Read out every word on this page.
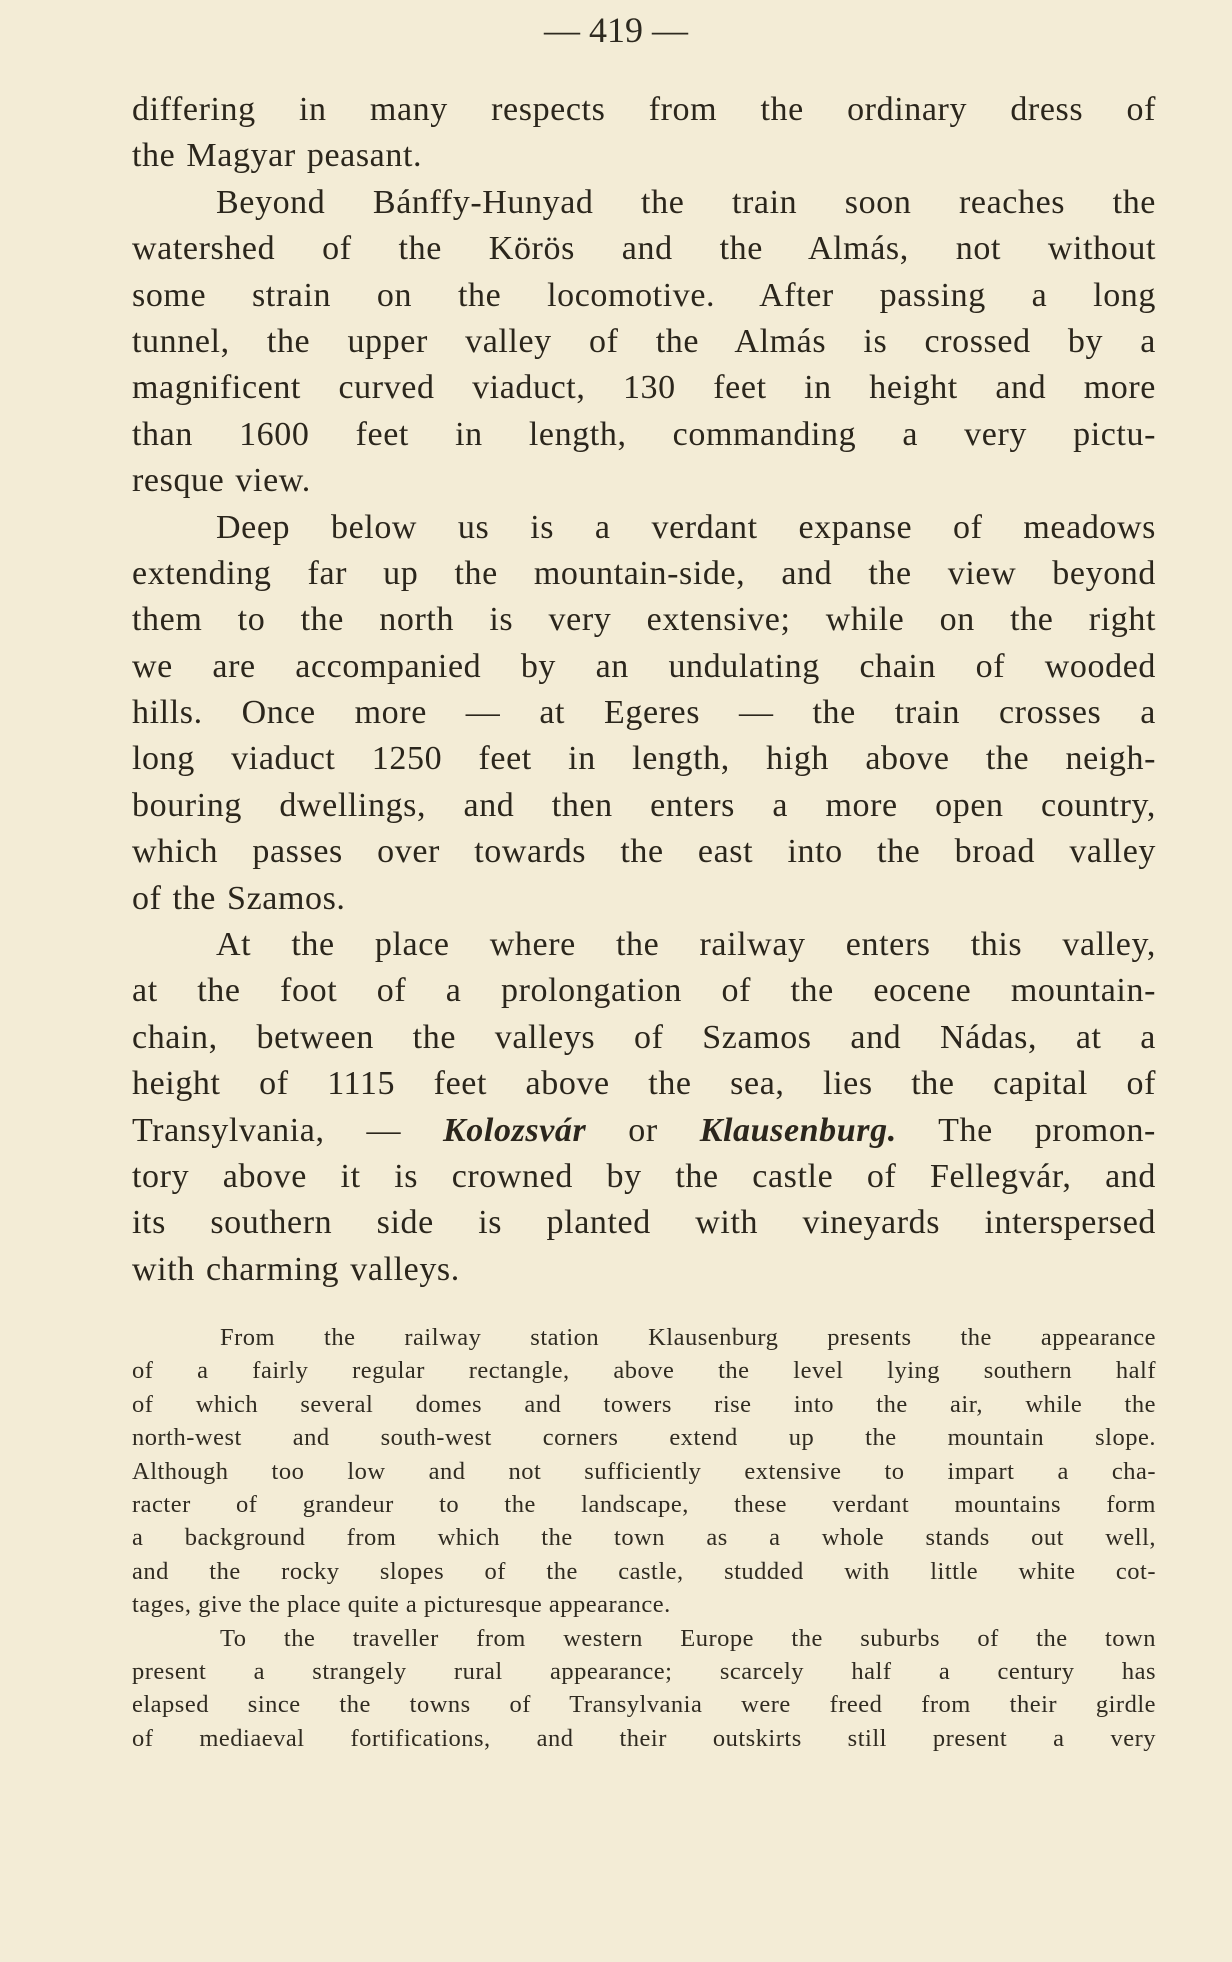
— 419 —
differing in many respects from the ordinary dress of
the Magyar peasant.
Beyond Bánffy-Hunyad the train soon reaches the
watershed of the Körös and the Almás, not without
some strain on the locomotive. After passing a long
tunnel, the upper valley of the Almás is crossed by a
magnificent curved viaduct, 130 feet in height and more
than 1600 feet in length, commanding a very pictu-
resque view.
Deep below us is a verdant expanse of meadows
extending far up the mountain-side, and the view beyond
them to the north is very extensive; while on the right
we are accompanied by an undulating chain of wooded
hills. Once more — at Egeres — the train crosses a
long viaduct 1250 feet in length, high above the neigh-
bouring dwellings, and then enters a more open country,
which passes over towards the east into the broad valley
of the Szamos.
At the place where the railway enters this valley,
at the foot of a prolongation of the eocene mountain-
chain, between the valleys of Szamos and Nádas, at a
height of 1115 feet above the sea, lies the capital of
Transylvania, — Kolozsvár or Klausenburg. The promon-
tory above it is crowned by the castle of Fellegvár, and
its southern side is planted with vineyards interspersed
with charming valleys.
From the railway station Klausenburg presents the appearance
of a fairly regular rectangle, above the level lying southern half
of which several domes and towers rise into the air, while the
north-west and south-west corners extend up the mountain slope.
Although too low and not sufficiently extensive to impart a cha-
racter of grandeur to the landscape, these verdant mountains form
a background from which the town as a whole stands out well,
and the rocky slopes of the castle, studded with little white cot-
tages, give the place quite a picturesque appearance.
To the traveller from western Europe the suburbs of the town
present a strangely rural appearance; scarcely half a century has
elapsed since the towns of Transylvania were freed from their girdle
of mediaeval fortifications, and their outskirts still present a very
